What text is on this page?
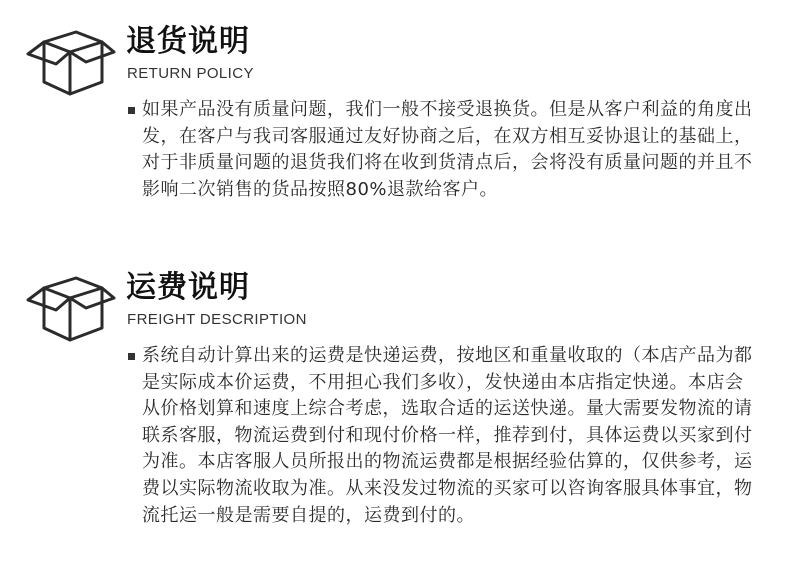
退货说明
RETURN POLICY

如果产品没有质量问题，我们一般不接受退换货。但是从客户利益的角度出发，在客户与我司客服通过友好协商之后，在双方相互妥协退让的基础上，对于非质量问题的退货我们将在收到货清点后，会将没有质量问题的并且不影响二次销售的货品按照80%退款给客户。

运费说明
FREIGHT DESCRIPTION

系统自动计算出来的运费是快递运费，按地区和重量收取的（本店产品为都是实际成本价运费，不用担心我们多收），发快递由本店指定快递。本店会从价格划算和速度上综合考虑，选取合适的运送快递。量大需要发物流的请联系客服，物流运费到付和现付价格一样，推荐到付，具体运费以买家到付为准。本店客服人员所报出的物流运费都是根据经验估算的，仅供参考，运费以实际物流收取为准。从来没发过物流的买家可以咨询客服具体事宜，物流托运一般是需要自提的，运费到付的。
